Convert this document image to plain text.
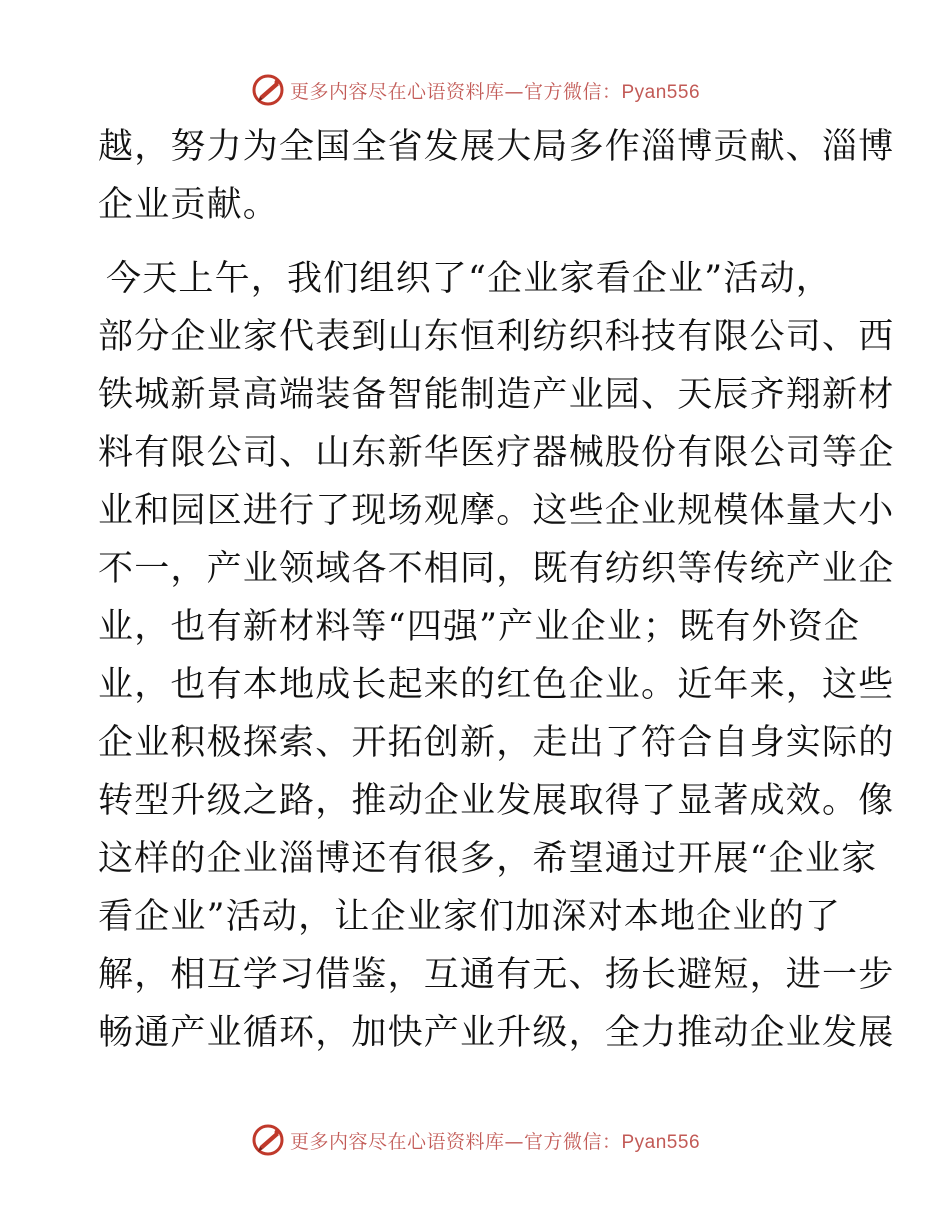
更多内容尽在心语资料库—官方微信：Pyan556
越，努力为全国全省发展大局多作淄博贡献、淄博
企业贡献。
今天上午，我们组织了“企业家看企业”活动，
部分企业家代表到山东恒利纺织科技有限公司、西
铁城新景高端装备智能制造产业园、天辰齐翔新材
料有限公司、山东新华医疗器械股份有限公司等企
业和园区进行了现场观摩。这些企业规模体量大小
不一，产业领域各不相同，既有纺织等传统产业企
业，也有新材料等“四强”产业企业；既有外资企
业，也有本地成长起来的红色企业。近年来，这些
企业积极探索、开拓创新，走出了符合自身实际的
转型升级之路，推动企业发展取得了显著成效。像
这样的企业淄博还有很多，希望通过开展“企业家
看企业”活动，让企业家们加深对本地企业的了
解，相互学习借鉴，互通有无、扬长避短，进一步
畅通产业循环，加快产业升级，全力推动企业发展
更多内容尽在心语资料库—官方微信：Pyan556
